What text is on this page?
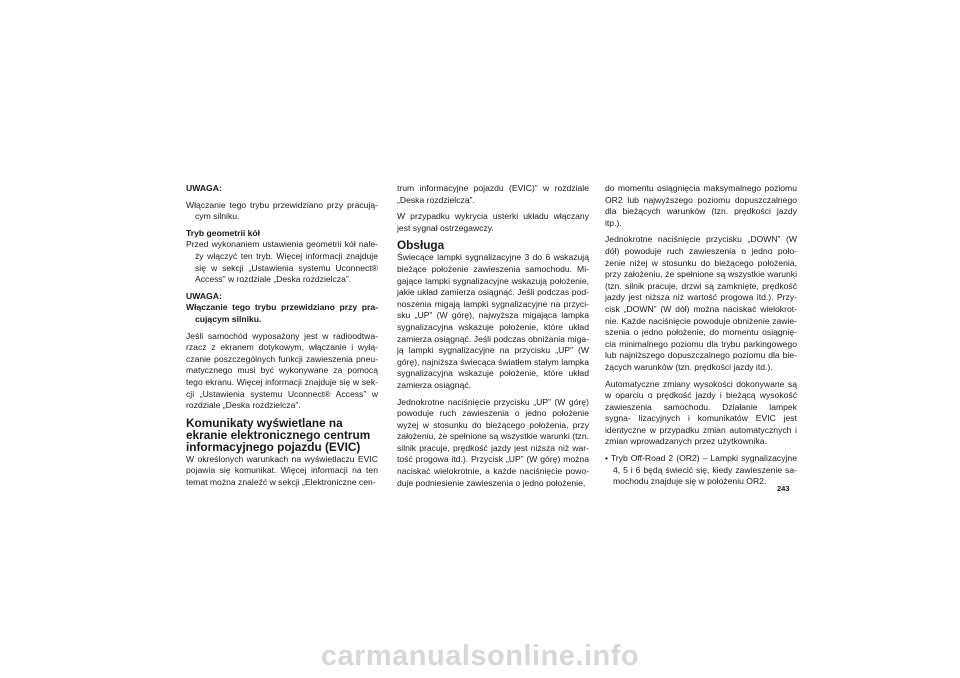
UWAGA:

Włączanie tego trybu przewidziano przy pracują- cym silniku.

Tryb geometrii kół

Przed wykonaniem ustawienia geometrii kół nale- ży włączyć ten tryb. Więcej informacji znajduje się w sekcji „Ustawienia systemu Uconnect® Access” w rozdziale „Deska rozdzielcza”.

UWAGA:

Włączanie tego trybu przewidziano przy pra- cującym silniku.

Jeśli samochód wyposażony jest w radioodtwa- rzacz z ekranem dotykowym, włączanie i wyłą- czanie poszczególnych funkcji zawieszenia pneu- matycznego musi być wykonywane za pomocą tego ekranu. Więcej informacji znajduje się w sek- cji „Ustawienia systemu Uconnect® Access” w rozdziale „Deska rozdzielcza”.

Komunikaty wyświetlane na ekranie elektronicznego centrum informacyjnego pojazdu (EVIC)

W określonych warunkach na wyświetlaczu EVIC pojawia się komunikat. Więcej informacji na ten temat można znaleźć w sekcji „Elektroniczne cen-

trum informacyjne pojazdu (EVIC)” w rozdziale „Deska rozdzielcza”.

W przypadku wykrycia usterki układu włączany jest sygnał ostrzegawczy.

Obsługa

Świecące lampki sygnalizacyjne 3 do 6 wskazują bieżące położenie zawieszenia samochodu. Mi- gające lampki sygnalizacyjne wskazują położenie, jakie układ zamierza osiągnąć. Jeśli podczas pod- noszenia migają lampki sygnalizacyjne na przyci- sku „UP” (W górę), najwyższa migająca lampka sygnalizacyjna wskazuje położenie, które układ zamierza osiągnąć. Jeśli podczas obniżania miga- ją lampki sygnalizacyjne na przycisku „UP” (W górę), najniższa świecąca światłem stałym lampka sygnalizacyjna wskazuje położenie, które układ zamierza osiągnąć.

Jednokrotne naciśnięcie przycisku „UP” (W górę) powoduje ruch zawieszenia o jedno położenie wyżej w stosunku do bieżącego położenia, przy założeniu, że spełnione są wszystkie warunki (tzn. silnik pracuje, prędkość jazdy jest niższa niż war- tość progowa itd.). Przycisk „UP” (W górę) można naciskać wielokrotnie, a każde naciśnięcie powo- duje podniesienie zawieszenia o jedno położenie,

do momentu osiągnięcia maksymalnego poziomu OR2 lub najwyższego poziomu dopuszczalnego dla bieżących warunków (tzn. prędkości jazdy itp.).

Jednokrotne naciśnięcie przycisku „DOWN” (W dół) powoduje ruch zawieszenia o jedno poło- żenie niżej w stosunku do bieżącego położenia, przy założeniu, że spełnione są wszystkie warunki (tzn. silnik pracuje, drzwi są zamknięte, prędkość jazdy jest niższa niż wartość progowa itd.). Przy- cisk „DOWN” (W dół) można naciskać wielokrot- nie. Każde naciśnięcie powoduje obniżenie zawie- szenia o jedno położenie, do momentu osiągnię- cia minimalnego poziomu dla trybu parkingowego lub najniższego dopuszczalnego poziomu dla bie- żących warunków (tzn. prędkości jazdy itd.).

Automatyczne zmiany wysokości dokonywane są w oparciu o prędkość jazdy i bieżącą wysokość zawieszenia samochodu. Działanie lampek sygna- lizacyjnych i komunikatów EVIC jest identyczne w przypadku zmian automatycznych i zmian wprowadzanych przez użytkownika.

• Tryb Off-Road 2 (OR2) – Lampki sygnalizacyjne 4, 5 i 6 będą świecić się, kiedy zawieszenie sa- mochodu znajduje się w położeniu OR2.

243
carmanualsonline.info
